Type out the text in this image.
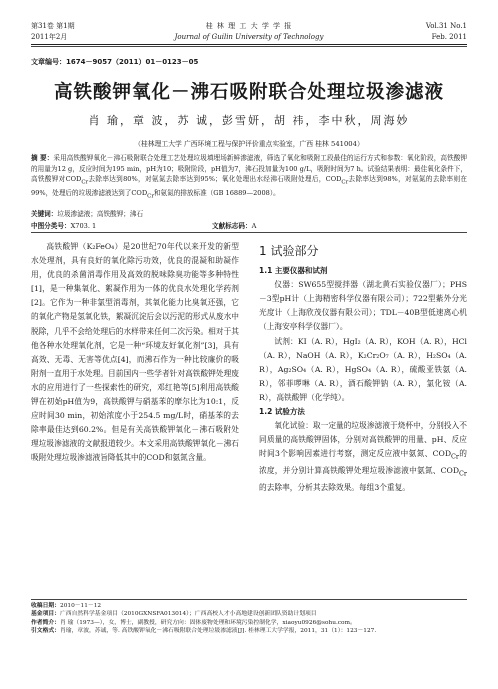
第31卷 第1期
2011年2月
桂 林 理 工 大 学 学 报
Journal of Guilin University of Technology
Vol.31 No.1
Feb. 2011
文章编号：1674－9057（2011）01－0123－05
高铁酸钾氧化－沸石吸附联合处理垃圾渗滤液
肖 瑜，章 波，苏 诚，彭雪妍，胡 祎，李中秋，周海妙
（桂林理工大学 广西环境工程与保护评价重点实验室，广西 桂林 541004）
摘 要：采用高铁酸钾氧化－沸石吸附联合处理工艺处理垃圾填埋场新鲜渗滤液，筛选了氧化和吸附工段最佳的运行方式和参数：氧化阶段，高铁酸钾的用量为12 g，反应时间为195 min，pH为10；吸附阶段，pH值为7，沸石投加量为100 g/L，吸附时间为7 h。试验结果表明：最佳氧化条件下，高铁酸钾对$COD_{Cr}$去除率达到80%，对氨氮去除率达到95%；氧化处理出水经沸石吸附处理后，$COD_{Cr}$去除率达到98%，对氨氮的去除率则在99%，处理后的垃圾渗滤液达到了$COD_{Cr}$和氨氮的排放标准（GB 16889—2008）。
关键词：垃圾渗滤液；高铁酸钾；沸石
中图分类号：X703. 1	文献标志码：A

高铁酸钾（K₂FeO₄）是20世纪70年代以来开发的新型水处理剂，具有良好的氧化除污功效，优良的混凝和助凝作用，优良的杀菌消毒作用及高效的脱味除臭功能等多种特性[1]，是一种集氧化、絮凝作用为一体的优良水处理化学药剂[2]。它作为一种非氯型消毒剂，其氧化能力比臭氧还强，它的氧化产物是氢氧化铁，絮凝沉淀后会以污泥的形式从废水中脱除，几乎不会给处理后的水样带来任何二次污染。相对于其他各种水处理氧化剂，它是一种“环境友好氧化剂”[3]，具有高效、无毒、无害等优点[4]，而沸石作为一种比较廉价的吸附剂一直用于水处理。目前国内一些学者针对高铁酸钾处理废水的应用进行了一些探索性的研究，邓红艳等[5]利用高铁酸钾在初始pH值为9，高铁酸钾与硝基苯的摩尔比为10:1，反应时间30 min，初始浓度小于254.5 mg/L时，硝基苯的去除率最佳达到60.2%。但是有关高铁酸钾氧化－沸石吸附处理垃圾渗滤液的文献报道较少。本文采用高铁酸钾氧化－沸石吸附处理垃圾渗滤液旨降低其中的COD和氨氮含量。

1 试验部分
1.1 主要仪器和试剂

仪器：SW655型搅拌器（湖北黄石实验仪器厂）；PHS－3型pH计（上海精密科学仪器有限公司）；722型紫外分光光度计（上海欣茂仪器有限公司）；TDL－40B型低速离心机（上海安亭科学仪器厂）。

试剂：KI（A. R），HgI₂（A. R），KOH（A. R），HCl（A. R），NaOH（A. R），K₂Cr₂O₇（A. R），H₂SO₄（A. R），Ag₂SO₄（A. R），HgSO₄（A. R），硫酸亚铁氨（A. R），邻菲啰啉（A. R），酒石酸钾钠（A. R），氯化铵（A. R），高铁酸钾（化学纯）。

1.2 试验方法

氧化试验：取一定量的垃圾渗滤液于烧杯中，分别投入不同质量的高铁酸钾固体，分别对高铁酸钾的用量、pH、反应时间3个影响因素进行考察，测定反应液中氨氮、$COD_{Cr}$的浓度，并分别计算高铁酸钾处理垃圾渗滤液中氨氮、$COD_{Cr}$的去除率，分析其去除效果。每组3个重复。

收稿日期：2010－11－12
基金项目：广西自然科学基金项目（2010GXNSFA013014）；广西高校人才小高地建设创新团队资助计划项目
作者简介：肖 瑜（1973—），女，博士，副教授，研究方向：固体废物处理和环境污染控制化学，xiaoyu0926@sohu.com。
引文格式：肖瑜，章波，苏诚，等. 高铁酸钾氧化－沸石吸附联合处理垃圾渗滤液[J]. 桂林理工大学学报，2011，31（1）：123－127.
